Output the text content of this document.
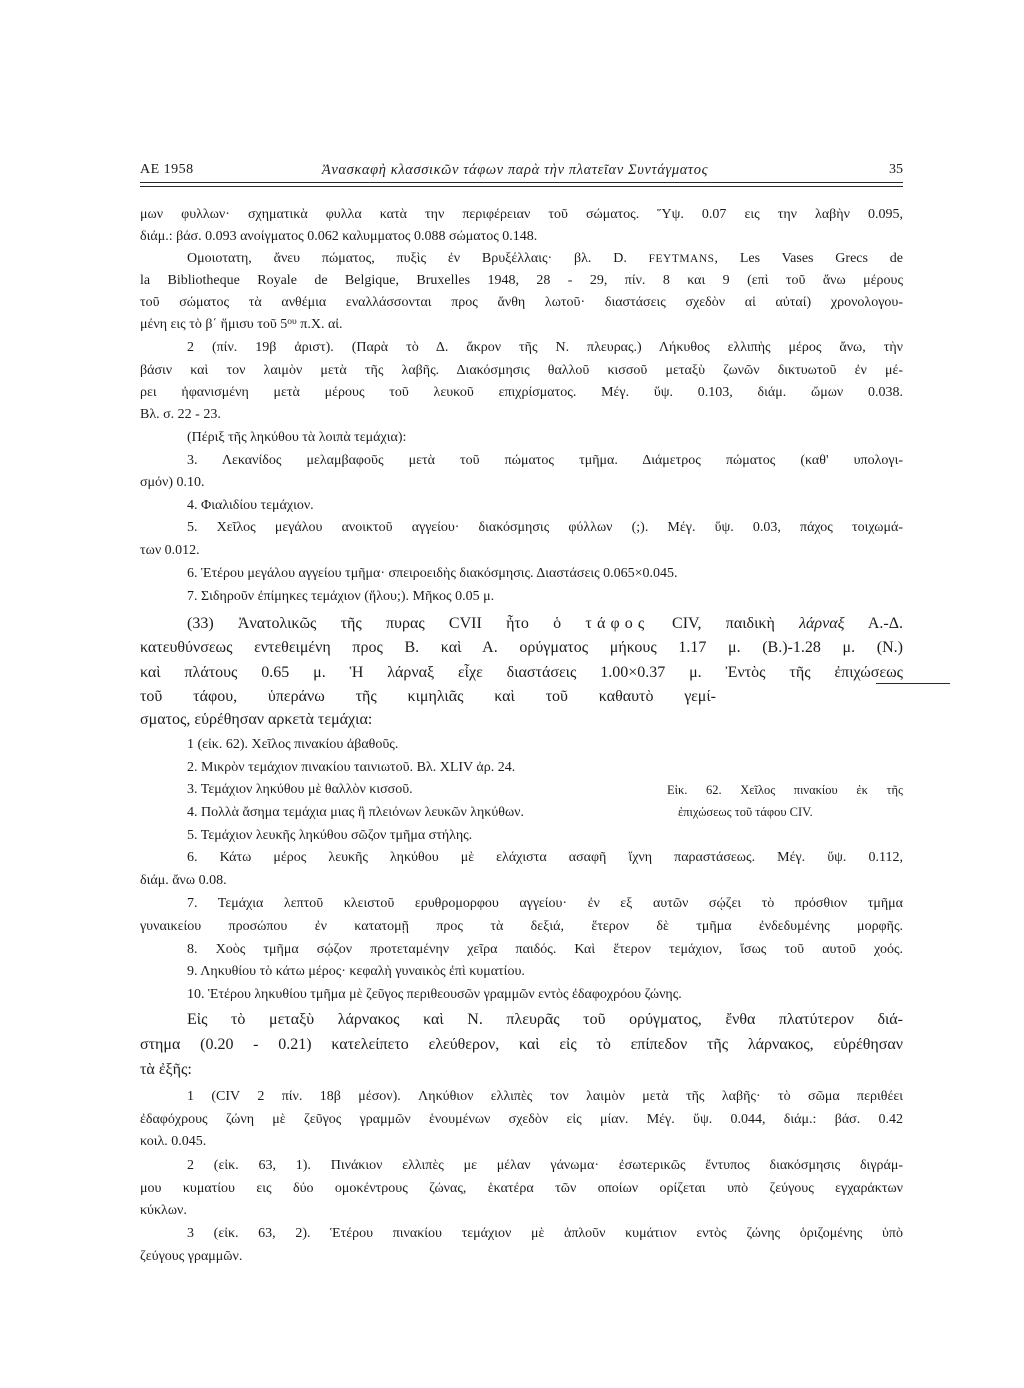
ΑΕ 1958	Ἀνασκαφὴ κλασσικῶν τάφων παρὰ τὴν πλατεῖαν Συντάγματος	35
μων φυλλων· σχηματικὰ φυλλα κατὰ την περιφέρειαν τοῦ σώματος. Ὕψ. 0.07 εις την λαβὴν 0.095,
διάμ.: βάσ. 0.093 ανοίγματος 0.062 καλυμματος 0.088 σώματος 0.148.
Ομοιοτατη, ἄνευ πώματος, πυξὶς ἐν Βρυξέλλαις· βλ. D. FEYTMANS, Les Vases Grecs de
la Bibliotheque Royale de Belgique, Bruxelles 1948, 28 - 29, πίν. 8 και 9 (επὶ τοῦ ἄνω μέρους
τοῦ σώματος τὰ ανθέμια εναλλάσσονται προς ἄνθη λωτοῦ· διαστάσεις σχεδὸν αἱ αὐταί) χρονολογου-
μένη εις τὸ β΄ ἥμισυ τοῦ $5^{o\upsilon}$ π.Χ. αἰ.
2 (πίν. 19β ἀριστ). (Παρὰ τὸ Δ. ἄκρον τῆς Ν. πλευρας.) Λήκυθος ελλιπὴς μέρος ἄνω, τὴν
βάσιν καὶ τον λαιμὸν μετὰ τῆς λαβῆς. Διακόσμησις θαλλοῦ κισσοῦ μεταξὺ ζωνῶν δικτυωτοῦ ἐν μέ-
ρει ἠφανισμένη μετὰ μέρους τοῦ λευκοῦ επιχρίσματος. Μέγ. ὕψ. 0.103, διάμ. ὤμων 0.038.
Βλ. σ. 22 - 23.
(Πέριξ τῆς ληκύθου τὰ λοιπὰ τεμάχια):
3. Λεκανίδος μελαμβαφοῦς μετὰ τοῦ πώματος τμῆμα. Διάμετρος πώματος (καθ' υπολογι-
σμόν) 0.10.
4. Φιαλιδίου τεμάχιον.
5. Χεῖλος μεγάλου ανοικτοῦ αγγείου· διακόσμησις φύλλων (;). Μέγ. ὕψ. 0.03, πάχος τοιχωμά-
των 0.012.
6. Ἑτέρου μεγάλου αγγείου τμῆμα· σπειροειδὴς διακόσμησις. Διαστάσεις 0.065×0.045.
7. Σιδηροῦν ἐπίμηκες τεμάχιον (ἥλου;). Μῆκος 0.05 μ.
(33) Ἀνατολικῶς τῆς πυρας CVII ἦτο ὁ τάφος CIV, παιδικὴ λάρναξ Α.-Δ.
κατευθύνσεως εντεθειμένη προς Β. καὶ Α. ορύγματος μήκους 1.17 μ. (Β.)-1.28 μ. (Ν.)
καὶ πλάτους 0.65 μ. Ἡ λάρναξ εἶχε διαστάσεις 1.00×0.37 μ. Ἐντὸς τῆς ἐπιχώσεως
τοῦ τάφου, ὑπεράνω τῆς κιμηλιᾶς καὶ τοῦ καθαυτὸ γεμί-
σματος, εὑρέθησαν αρκετὰ τεμάχια:
1 (εἰκ. 62). Χεῖλος πινακίου ἀβαθοῦς.
2. Μικρὸν τεμάχιον πινακίου ταινιωτοῦ. Βλ. XLIV ἀρ. 24.
3. Τεμάχιον ληκύθου μὲ θαλλὸν κισσοῦ.
4. Πολλὰ ἄσημα τεμάχια μιας ἢ πλειόνων λευκῶν ληκύθων.
5. Τεμάχιον λευκῆς ληκύθου σῶζον τμῆμα στήλης.
Εἰκ. 62. Χεῖλος πινακίου ἐκ τῆς
ἐπιχώσεως τοῦ τάφου CIV.
6. Κάτω μέρος λευκῆς ληκύθου μὲ ελάχιστα ασαφῆ ἴχνη παραστάσεως. Μέγ. ὕψ. 0.112,
διάμ. ἄνω 0.08.
7. Τεμάχια λεπτοῦ κλειστοῦ ερυθρομορφου αγγείου· ἐν εξ αυτῶν σῴζει τὸ πρόσθιον τμῆμα
γυναικείου προσώπου ἐν κατατομῇ προς τὰ δεξιά, ἕτερον δὲ τμῆμα ἐνδεδυμένης μορφῆς.
8. Χοὸς τμῆμα σῴζον προτεταμένην χεῖρα παιδός. Καὶ ἕτερον τεμάχιον, ἴσως τοῦ αυτοῦ χοός.
9. Ληκυθίου τὸ κάτω μέρος· κεφαλὴ γυναικὸς ἐπὶ κυματίου.
10. Ἑτέρου ληκυθίου τμῆμα μὲ ζεῦγος περιθεουσῶν γραμμῶν εντὸς ἐδαφοχρόου ζώνης.
Εἰς τὸ μεταξὺ λάρνακος καὶ Ν. πλευρᾶς τοῦ ορύγματος, ἔνθα πλατύτερον διά-
στημα (0.20 - 0.21) κατελείπετο ελεύθερον, καὶ εἰς τὸ επίπεδον τῆς λάρνακος, εὑρέθησαν
τὰ ἐξῆς:
1 (CIV 2 πίν. 18β μέσον). Ληκύθιον ελλιπὲς τον λαιμὸν μετὰ τῆς λαβῆς· τὸ σῶμα περιθέει
ἐδαφόχρους ζώνη μὲ ζεῦγος γραμμῶν ἑνουμένων σχεδὸν εἰς μίαν. Μέγ. ὕψ. 0.044, διάμ.: βάσ. 0.42
κοιλ. 0.045.
2 (εἰκ. 63, 1). Πινάκιον ελλιπὲς με μέλαν γάνωμα· ἐσωτερικῶς ἔντυπος διακόσμησις διγράμ-
μου κυματίου εις δύο ομοκέντρους ζώνας, ἑκατέρα τῶν οποίων ορίζεται υπὸ ζεύγους εγχαράκτων
κύκλων.
3 (εἰκ. 63, 2). Ἑτέρου πινακίου τεμάχιον μὲ ἁπλοῦν κυμάτιον εντὸς ζώνης ὁριζομένης ὑπὸ
ζεύγους γραμμῶν.
